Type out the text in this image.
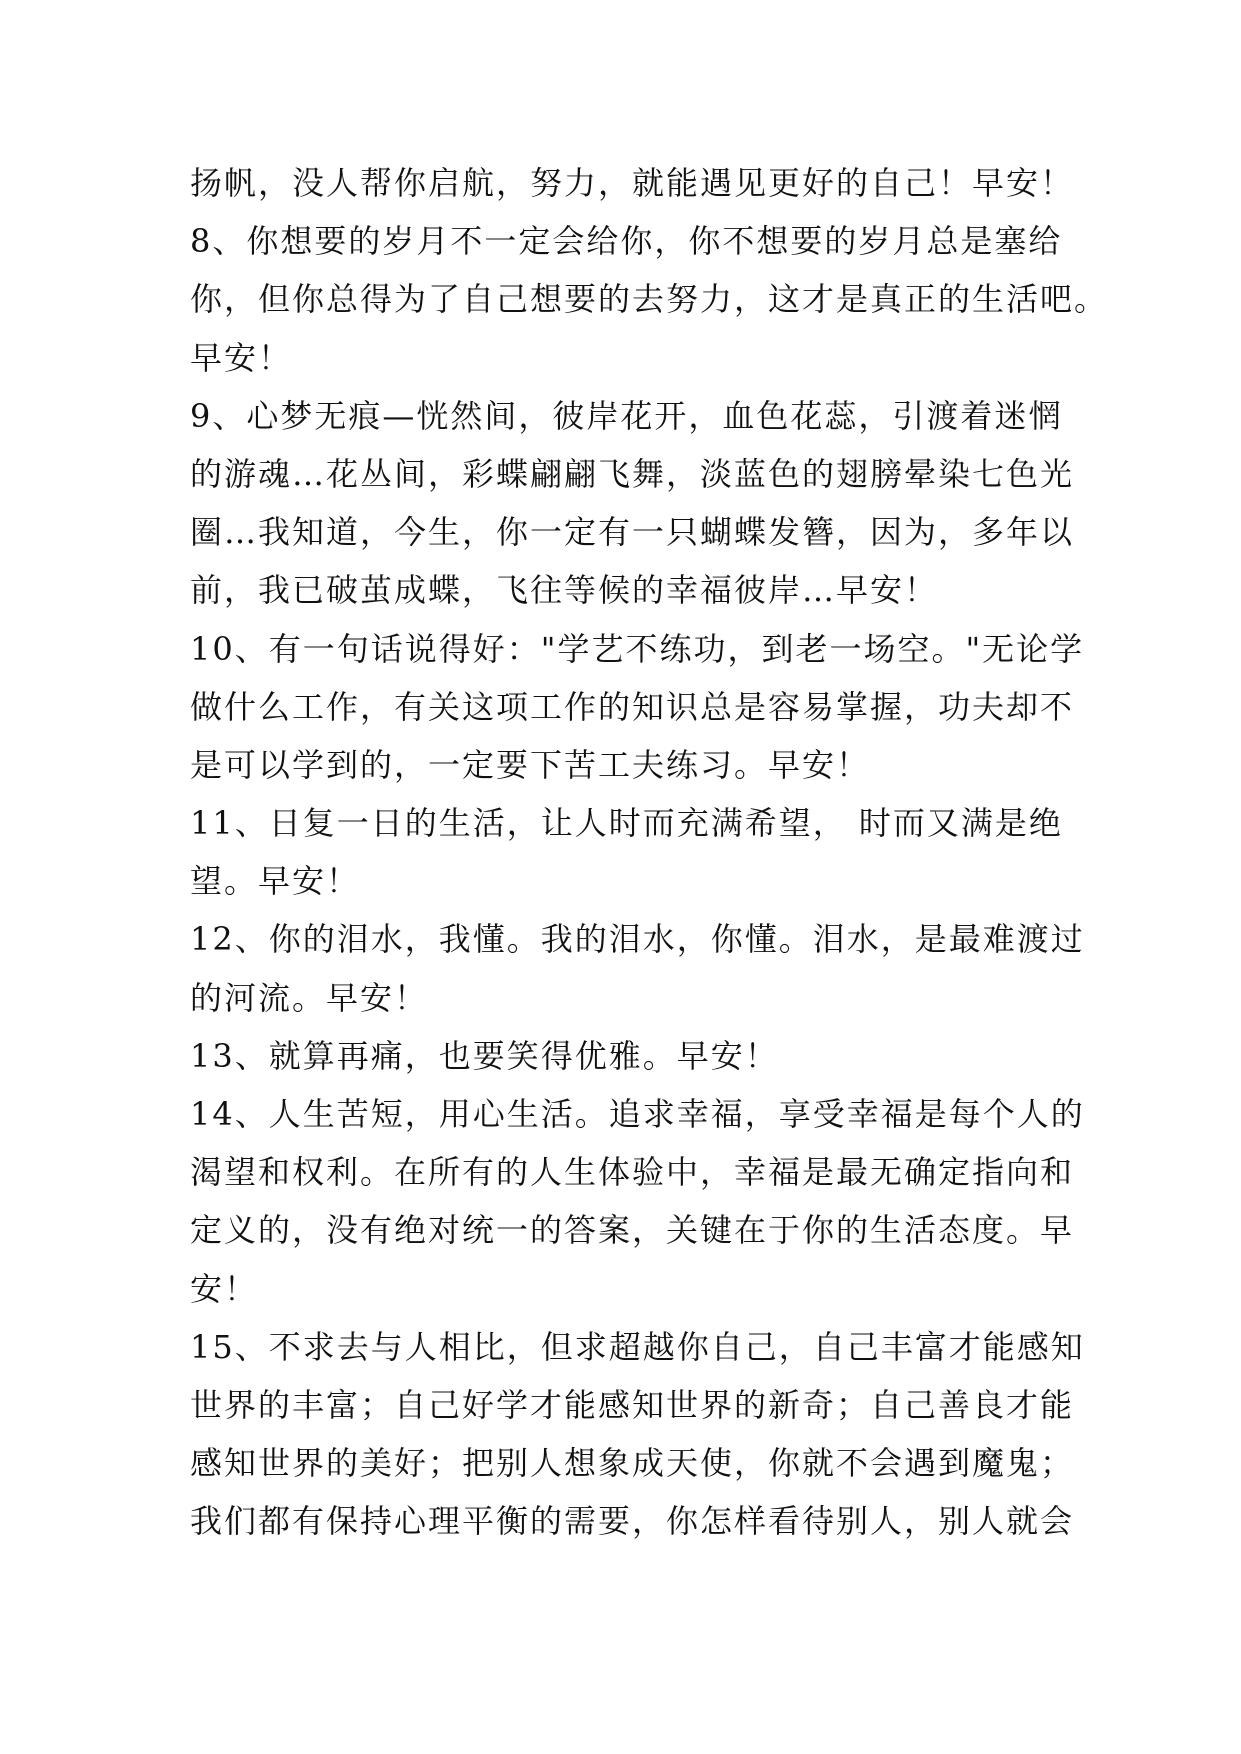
扬帆，没人帮你启航，努力，就能遇见更好的自己！早安！
8、你想要的岁月不一定会给你，你不想要的岁月总是塞给
你，但你总得为了自己想要的去努力，这才是真正的生活吧。
早安！
9、心梦无痕—恍然间，彼岸花开，血色花蕊，引渡着迷惘
的游魂…花丛间，彩蝶翩翩飞舞，淡蓝色的翅膀晕染七色光
圈…我知道，今生，你一定有一只蝴蝶发簪，因为，多年以
前，我已破茧成蝶，飞往等候的幸福彼岸…早安！
10、有一句话说得好："学艺不练功，到老一场空。"无论学
做什么工作，有关这项工作的知识总是容易掌握，功夫却不
是可以学到的，一定要下苦工夫练习。早安！
11、日复一日的生活，让人时而充满希望， 时而又满是绝
望。早安！
12、你的泪水，我懂。我的泪水，你懂。泪水，是最难渡过
的河流。早安！
13、就算再痛，也要笑得优雅。早安！
14、人生苦短，用心生活。追求幸福，享受幸福是每个人的
渴望和权利。在所有的人生体验中，幸福是最无确定指向和
定义的，没有绝对统一的答案，关键在于你的生活态度。早
安！
15、不求去与人相比，但求超越你自己，自己丰富才能感知
世界的丰富；自己好学才能感知世界的新奇；自己善良才能
感知世界的美好；把别人想象成天使，你就不会遇到魔鬼；
我们都有保持心理平衡的需要，你怎样看待别人，别人就会
